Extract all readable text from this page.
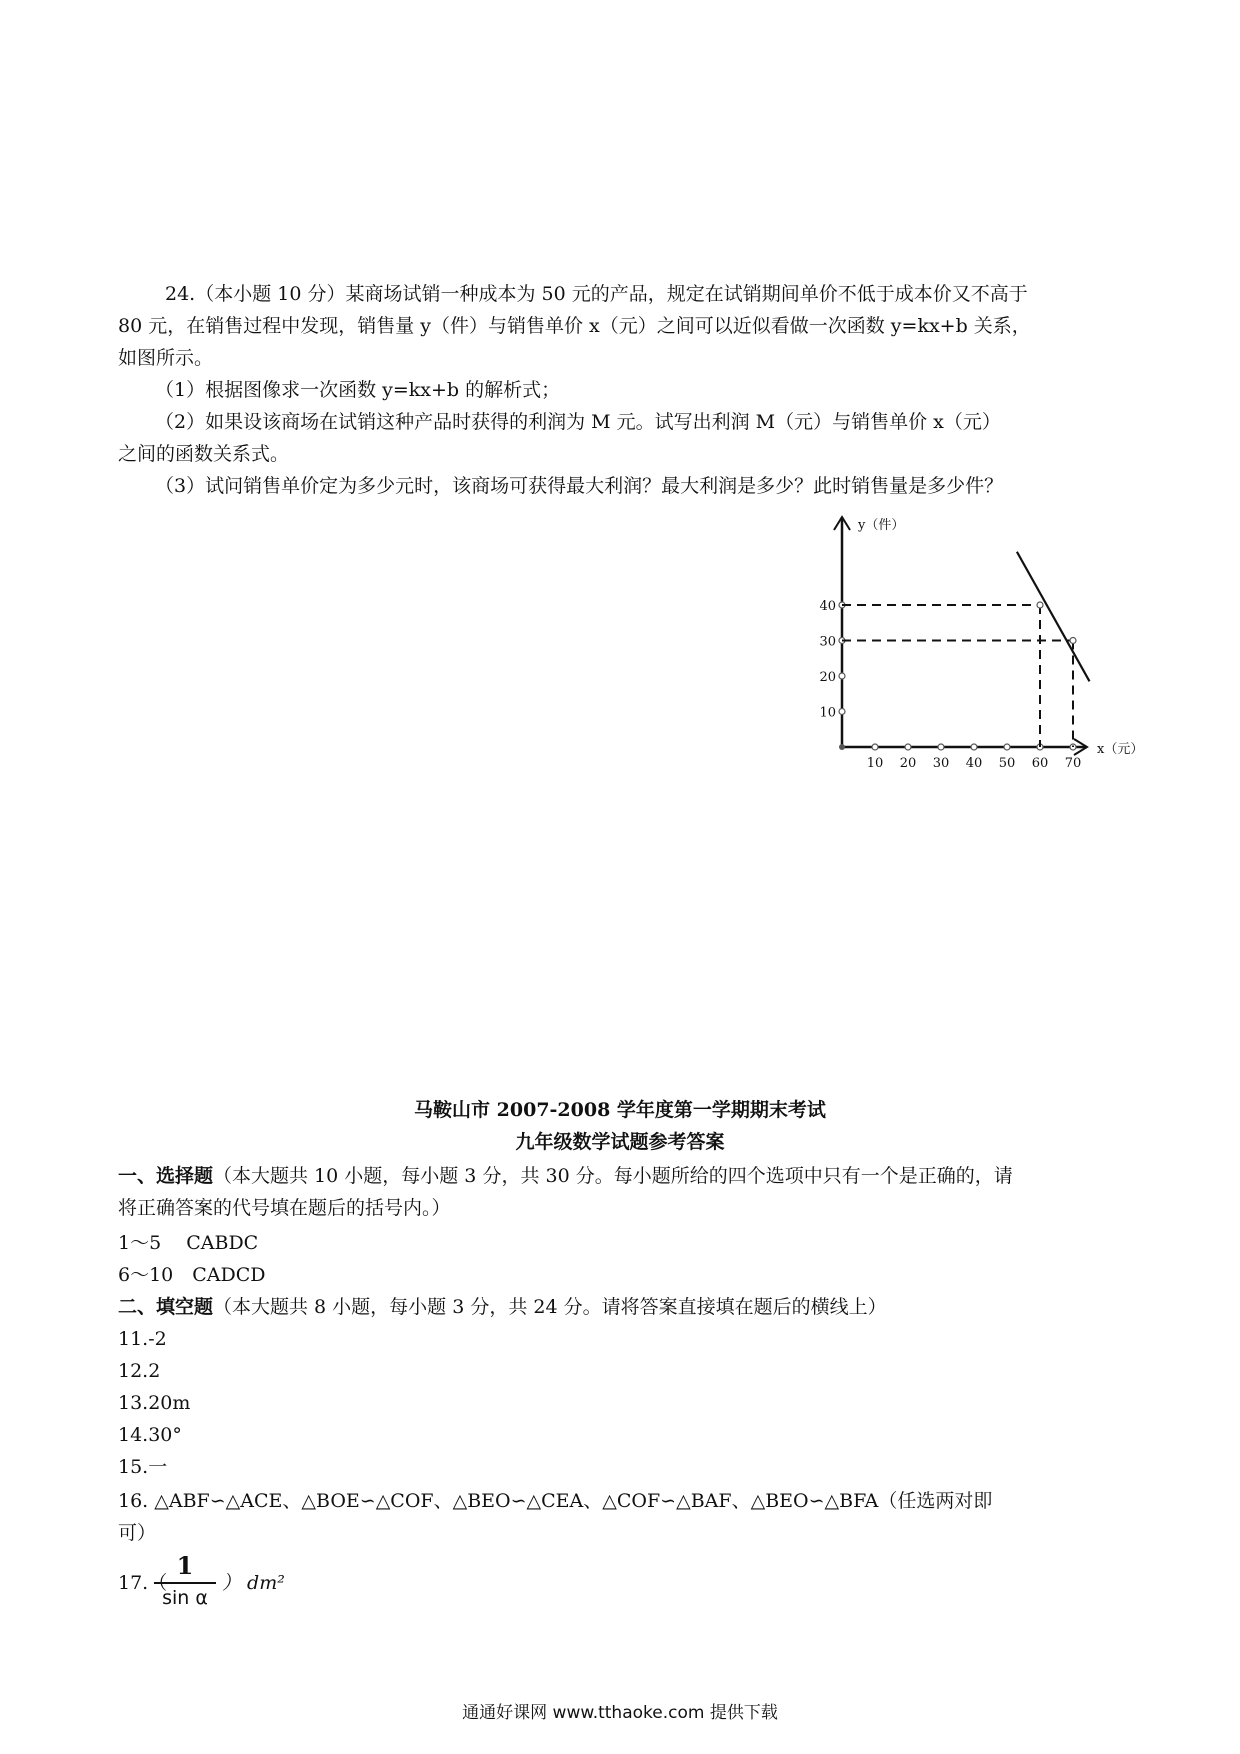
24.（本小题 10 分）某商场试销一种成本为 50 元的产品，规定在试销期间单价不低于成本价又不高于
80 元，在销售过程中发现，销售量 y（件）与销售单价 x（元）之间可以近似看做一次函数 y=kx+b 关系，
如图所示。
（1）根据图像求一次函数 y=kx+b 的解析式；
（2）如果设该商场在试销这种产品时获得的利润为 M 元。试写出利润 M（元）与销售单价 x（元）
之间的函数关系式。
（3）试问销售单价定为多少元时，该商场可获得最大利润？最大利润是多少？此时销售量是多少件？
x（元）
y（件）
10 20 30 40 50 60 70
10
20
30
40
马鞍山市 2007-2008 学年度第一学期期末考试
九年级数学试题参考答案
一、选择题（本大题共 10 小题，每小题 3 分，共 30 分。每小题所给的四个选项中只有一个是正确的，请
将正确答案的代号填在题后的括号内。）
1～5　 CABDC
6～10　CADCD
二、填空题（本大题共 8 小题，每小题 3 分，共 24 分。请将答案直接填在题后的横线上）
11.-2
12.2
13.20m
14.30°
15.一
16. △ABF∽△ACE、△BOE∽△COF、△BEO∽△CEA、△COF∽△BAF、△BEO∽△BFA（任选两对即
可）
17.（
1
sin α
） dm²
通通好课网 www.tthaoke.com 提供下载
